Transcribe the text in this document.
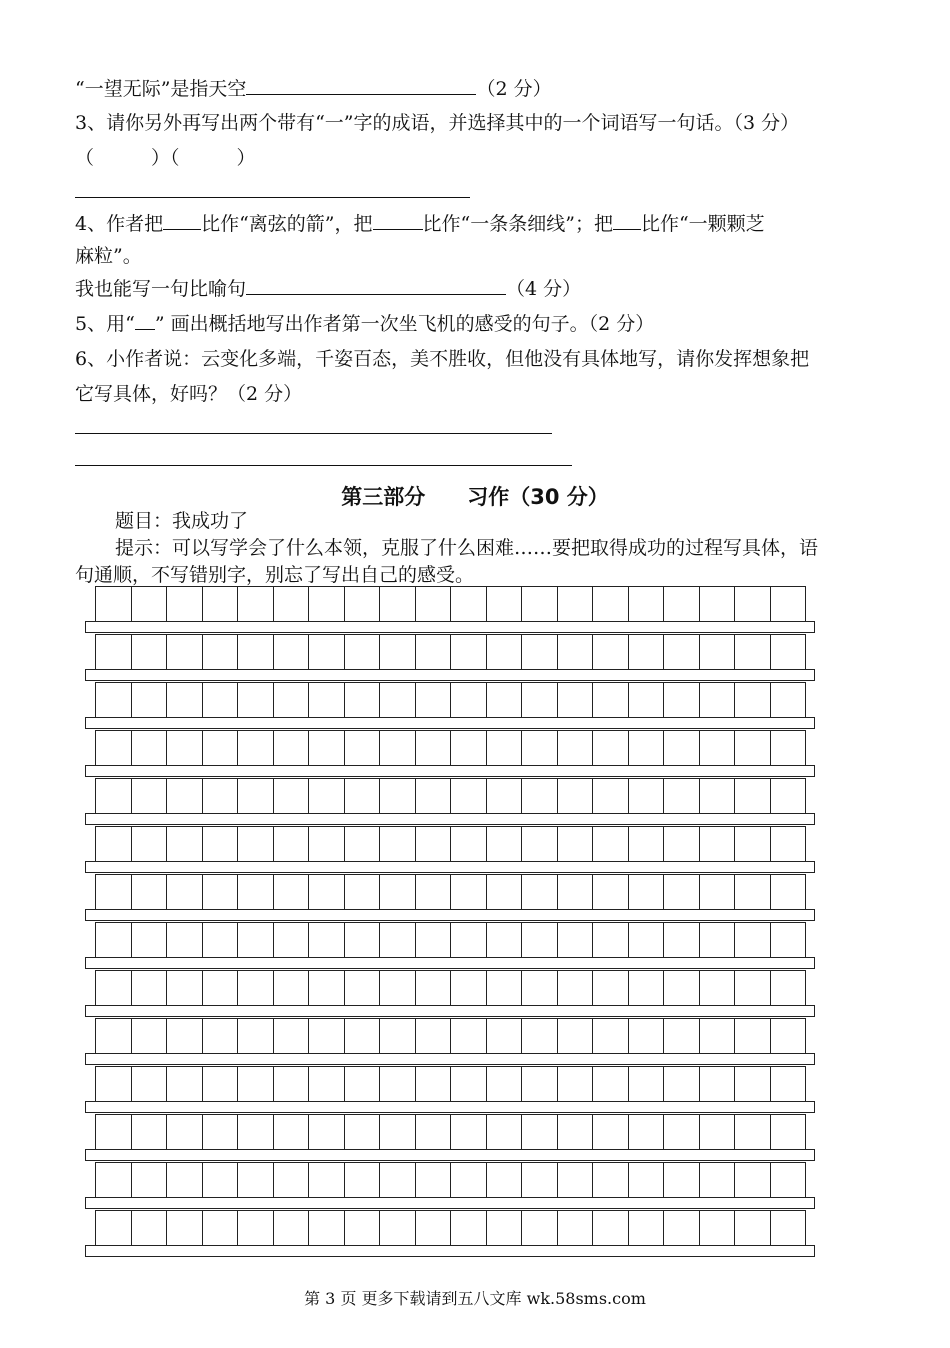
“一望无际”是指天空	（2 分）
3、请你另外再写出两个带有“一”字的成语，并选择其中的一个词语写一句话。（3 分）
（　　　）（　　　）
4、作者把 比作“离弦的箭”，把	比作“一条条细线”；把 比作“一颗颗芝
麻粒”。
我也能写一句比喻句	（4 分）
5、用“ ” 画出概括地写出作者第一次坐飞机的感受的句子。（2 分）
6、小作者说：云变化多端，千姿百态，美不胜收，但他没有具体地写，请你发挥想象把
它写具体，好吗？（2 分）
第三部分　　习作（30 分）
题目：我成功了
提示：可以写学会了什么本领，克服了什么困难……要把取得成功的过程写具体，语
句通顺，不写错别字，别忘了写出自己的感受。
第 3 页 更多下载请到五八文库 wk.58sms.com
